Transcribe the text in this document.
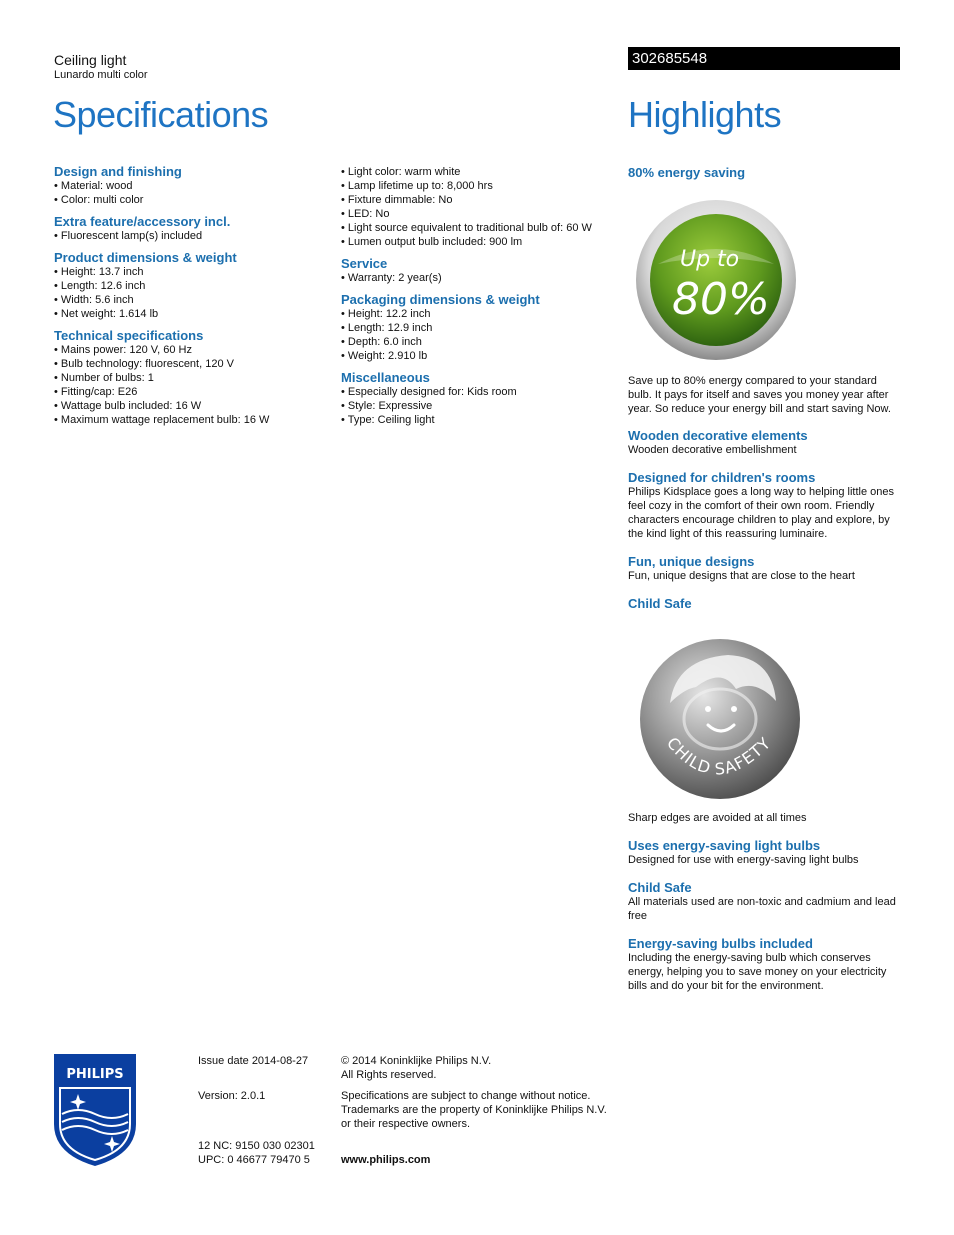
Ceiling light
Lunardo multi color
302685548
Specifications	Highlights
Design and finishing
• Material: wood
• Color: multi color
Extra feature/accessory incl.
• Fluorescent lamp(s) included
Product dimensions & weight
• Height: 13.7 inch
• Length: 12.6 inch
• Width: 5.6 inch
• Net weight: 1.614 lb
Technical specifications
• Mains power: 120 V, 60 Hz
• Bulb technology: fluorescent, 120 V
• Number of bulbs: 1
• Fitting/cap: E26
• Wattage bulb included: 16 W
• Maximum wattage replacement bulb: 16 W
• Light color: warm white
• Lamp lifetime up to: 8,000 hrs
• Fixture dimmable: No
• LED: No
• Light source equivalent to traditional bulb of: 60 W
• Lumen output bulb included: 900 lm
Service
• Warranty: 2 year(s)
Packaging dimensions & weight
• Height: 12.2 inch
• Length: 12.9 inch
• Depth: 6.0 inch
• Weight: 2.910 lb
Miscellaneous
• Especially designed for: Kids room
• Style: Expressive
• Type: Ceiling light
80% energy saving
Up to
80%
Save up to 80% energy compared to your standard bulb. It pays for itself and saves you money year after year. So reduce your energy bill and start saving Now.
Wooden decorative elements
Wooden decorative embellishment
Designed for children's rooms
Philips Kidsplace goes a long way to helping little ones feel cozy in the comfort of their own room. Friendly characters encourage children to play and explore, by the kind light of this reassuring luminaire.
Fun, unique designs
Fun, unique designs that are close to the heart
Child Safe
CHILD SAFETY
Sharp edges are avoided at all times
Uses energy-saving light bulbs
Designed for use with energy-saving light bulbs
Child Safe
All materials used are non-toxic and cadmium and lead free
Energy-saving bulbs included
Including the energy-saving bulb which conserves energy, helping you to save money on your electricity bills and do your bit for the environment.
PHILIPS
Issue date 2014-08-27
Version: 2.0.1
12 NC: 9150 030 02301
UPC: 0 46677 79470 5
© 2014 Koninklijke Philips N.V.
All Rights reserved.
Specifications are subject to change without notice.
Trademarks are the property of Koninklijke Philips N.V.
or their respective owners.
www.philips.com
